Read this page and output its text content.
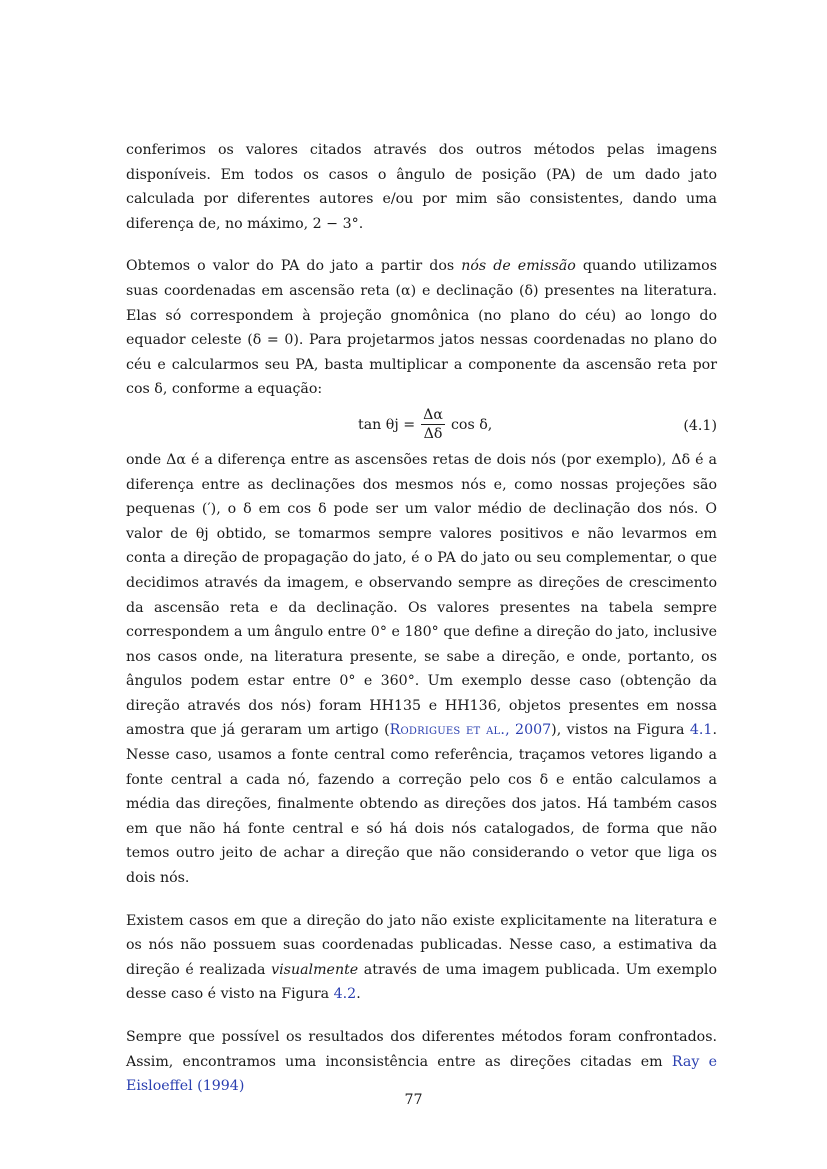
conferimos os valores citados através dos outros métodos pelas imagens disponíveis. Em todos os casos o ângulo de posição (PA) de um dado jato calculada por diferentes autores e/ou por mim são consistentes, dando uma diferença de, no máximo, 2 − 3°.

Obtemos o valor do PA do jato a partir dos nós de emissão quando utilizamos suas coordenadas em ascensão reta (α) e declinação (δ) presentes na literatura. Elas só correspondem à projeção gnomônica (no plano do céu) ao longo do equador celeste (δ = 0). Para projetarmos jatos nessas coordenadas no plano do céu e calcularmos seu PA, basta multiplicar a componente da ascensão reta por cos δ, conforme a equação:

$\tan \theta j = \frac{\Delta\alpha}{\Delta\delta}$ cos δ,	(4.1)

onde Δα é a diferença entre as ascensões retas de dois nós (por exemplo), Δδ é a diferença entre as declinações dos mesmos nós e, como nossas projeções são pequenas (′), o δ em cos δ pode ser um valor médio de declinação dos nós. O valor de θj obtido, se tomarmos sempre valores positivos e não levarmos em conta a direção de propagação do jato, é o PA do jato ou seu complementar, o que decidimos através da imagem, e observando sempre as direções de crescimento da ascensão reta e da declinação. Os valores presentes na tabela sempre correspondem a um ângulo entre 0° e 180° que define a direção do jato, inclusive nos casos onde, na literatura presente, se sabe a direção, e onde, portanto, os ângulos podem estar entre 0° e 360°. Um exemplo desse caso (obtenção da direção através dos nós) foram HH135 e HH136, objetos presentes em nossa amostra que já geraram um artigo (Rodrigues et al., 2007), vistos na Figura 4.1. Nesse caso, usamos a fonte central como referência, traçamos vetores ligando a fonte central a cada nó, fazendo a correção pelo cos δ e então calculamos a média das direções, finalmente obtendo as direções dos jatos. Há também casos em que não há fonte central e só há dois nós catalogados, de forma que não temos outro jeito de achar a direção que não considerando o vetor que liga os dois nós.

Existem casos em que a direção do jato não existe explicitamente na literatura e os nós não possuem suas coordenadas publicadas. Nesse caso, a estimativa da direção é realizada visualmente através de uma imagem publicada. Um exemplo desse caso é visto na Figura 4.2.

Sempre que possível os resultados dos diferentes métodos foram confrontados. Assim, encontramos uma inconsistência entre as direções citadas em Ray e Eisloeffel (1994)

77
